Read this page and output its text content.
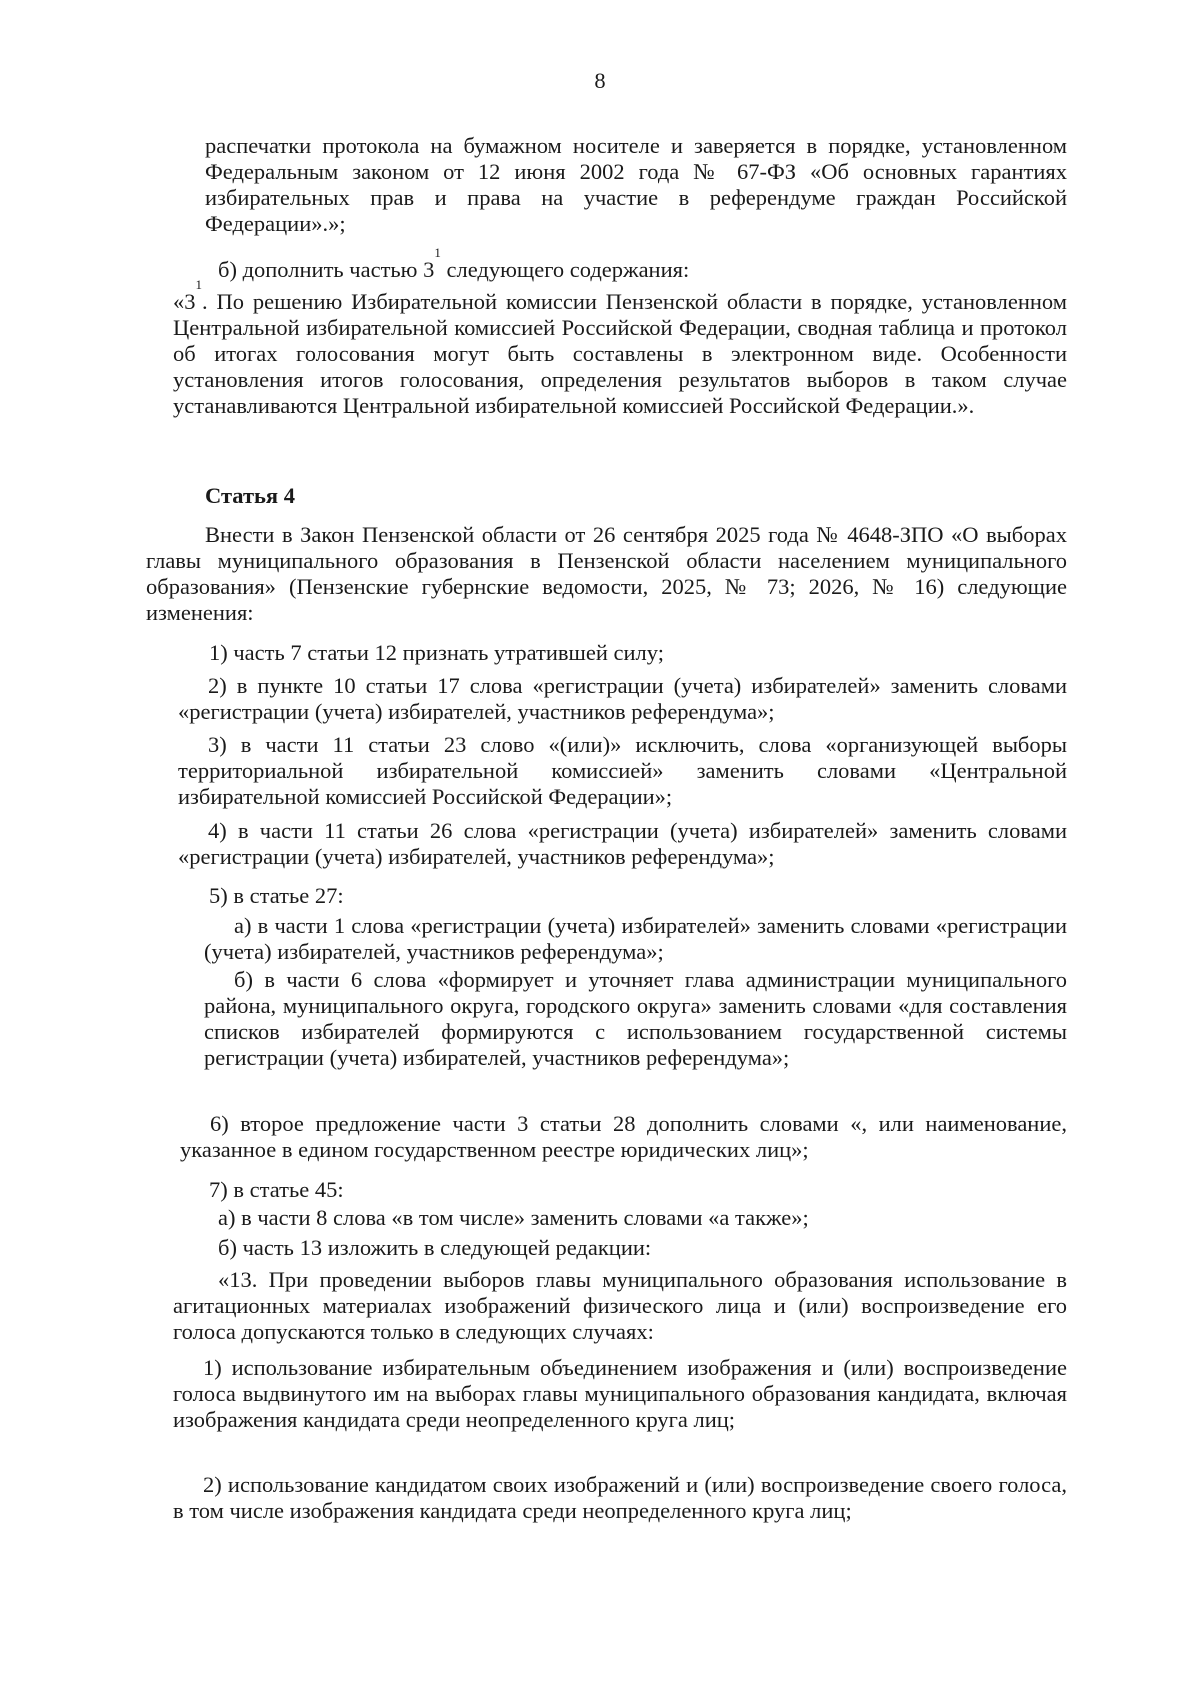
8

распечатки протокола на бумажном носителе и заверяется в порядке, установленном Федеральным законом от 12 июня 2002 года № 67-ФЗ «Об основных гарантиях избирательных прав и права на участие в референдуме граждан Российской Федерации».»;

б) дополнить частью $3^1$ следующего содержания:

«$3^1$. По решению Избирательной комиссии Пензенской области в порядке, установленном Центральной избирательной комиссией Российской Федерации, сводная таблица и протокол об итогах голосования могут быть составлены в электронном виде. Особенности установления итогов голосования, определения результатов выборов в таком случае устанавливаются Центральной избирательной комиссией Российской Федерации.».

Статья 4

Внести в Закон Пензенской области от 26 сентября 2025 года № 4648-ЗПО «О выборах главы муниципального образования в Пензенской области населением муниципального образования» (Пензенские губернские ведомости, 2025, № 73; 2026, № 16) следующие изменения:

1) часть 7 статьи 12 признать утратившей силу;

2) в пункте 10 статьи 17 слова «регистрации (учета) избирателей» заменить словами «регистрации (учета) избирателей, участников референдума»;

3) в части 11 статьи 23 слово «(или)» исключить, слова «организующей выборы территориальной избирательной комиссией» заменить словами «Центральной избирательной комиссией Российской Федерации»;

4) в части 11 статьи 26 слова «регистрации (учета) избирателей» заменить словами «регистрации (учета) избирателей, участников референдума»;

5) в статье 27:

а) в части 1 слова «регистрации (учета) избирателей» заменить словами «регистрации (учета) избирателей, участников референдума»;

б) в части 6 слова «формирует и уточняет глава администрации муниципального района, муниципального округа, городского округа» заменить словами «для составления списков избирателей формируются с использованием государственной системы регистрации (учета) избирателей, участников референдума»;

6) второе предложение части 3 статьи 28 дополнить словами «, или наименование, указанное в едином государственном реестре юридических лиц»;

7) в статье 45:

а) в части 8 слова «в том числе» заменить словами «а также»;

б) часть 13 изложить в следующей редакции:

«13. При проведении выборов главы муниципального образования использование в агитационных материалах изображений физического лица и (или) воспроизведение его голоса допускаются только в следующих случаях:

1) использование избирательным объединением изображения и (или) воспроизведение голоса выдвинутого им на выборах главы муниципального образования кандидата, включая изображения кандидата среди неопределенного круга лиц;

2) использование кандидатом своих изображений и (или) воспроизведение своего голоса, в том числе изображения кандидата среди неопределенного круга лиц;
